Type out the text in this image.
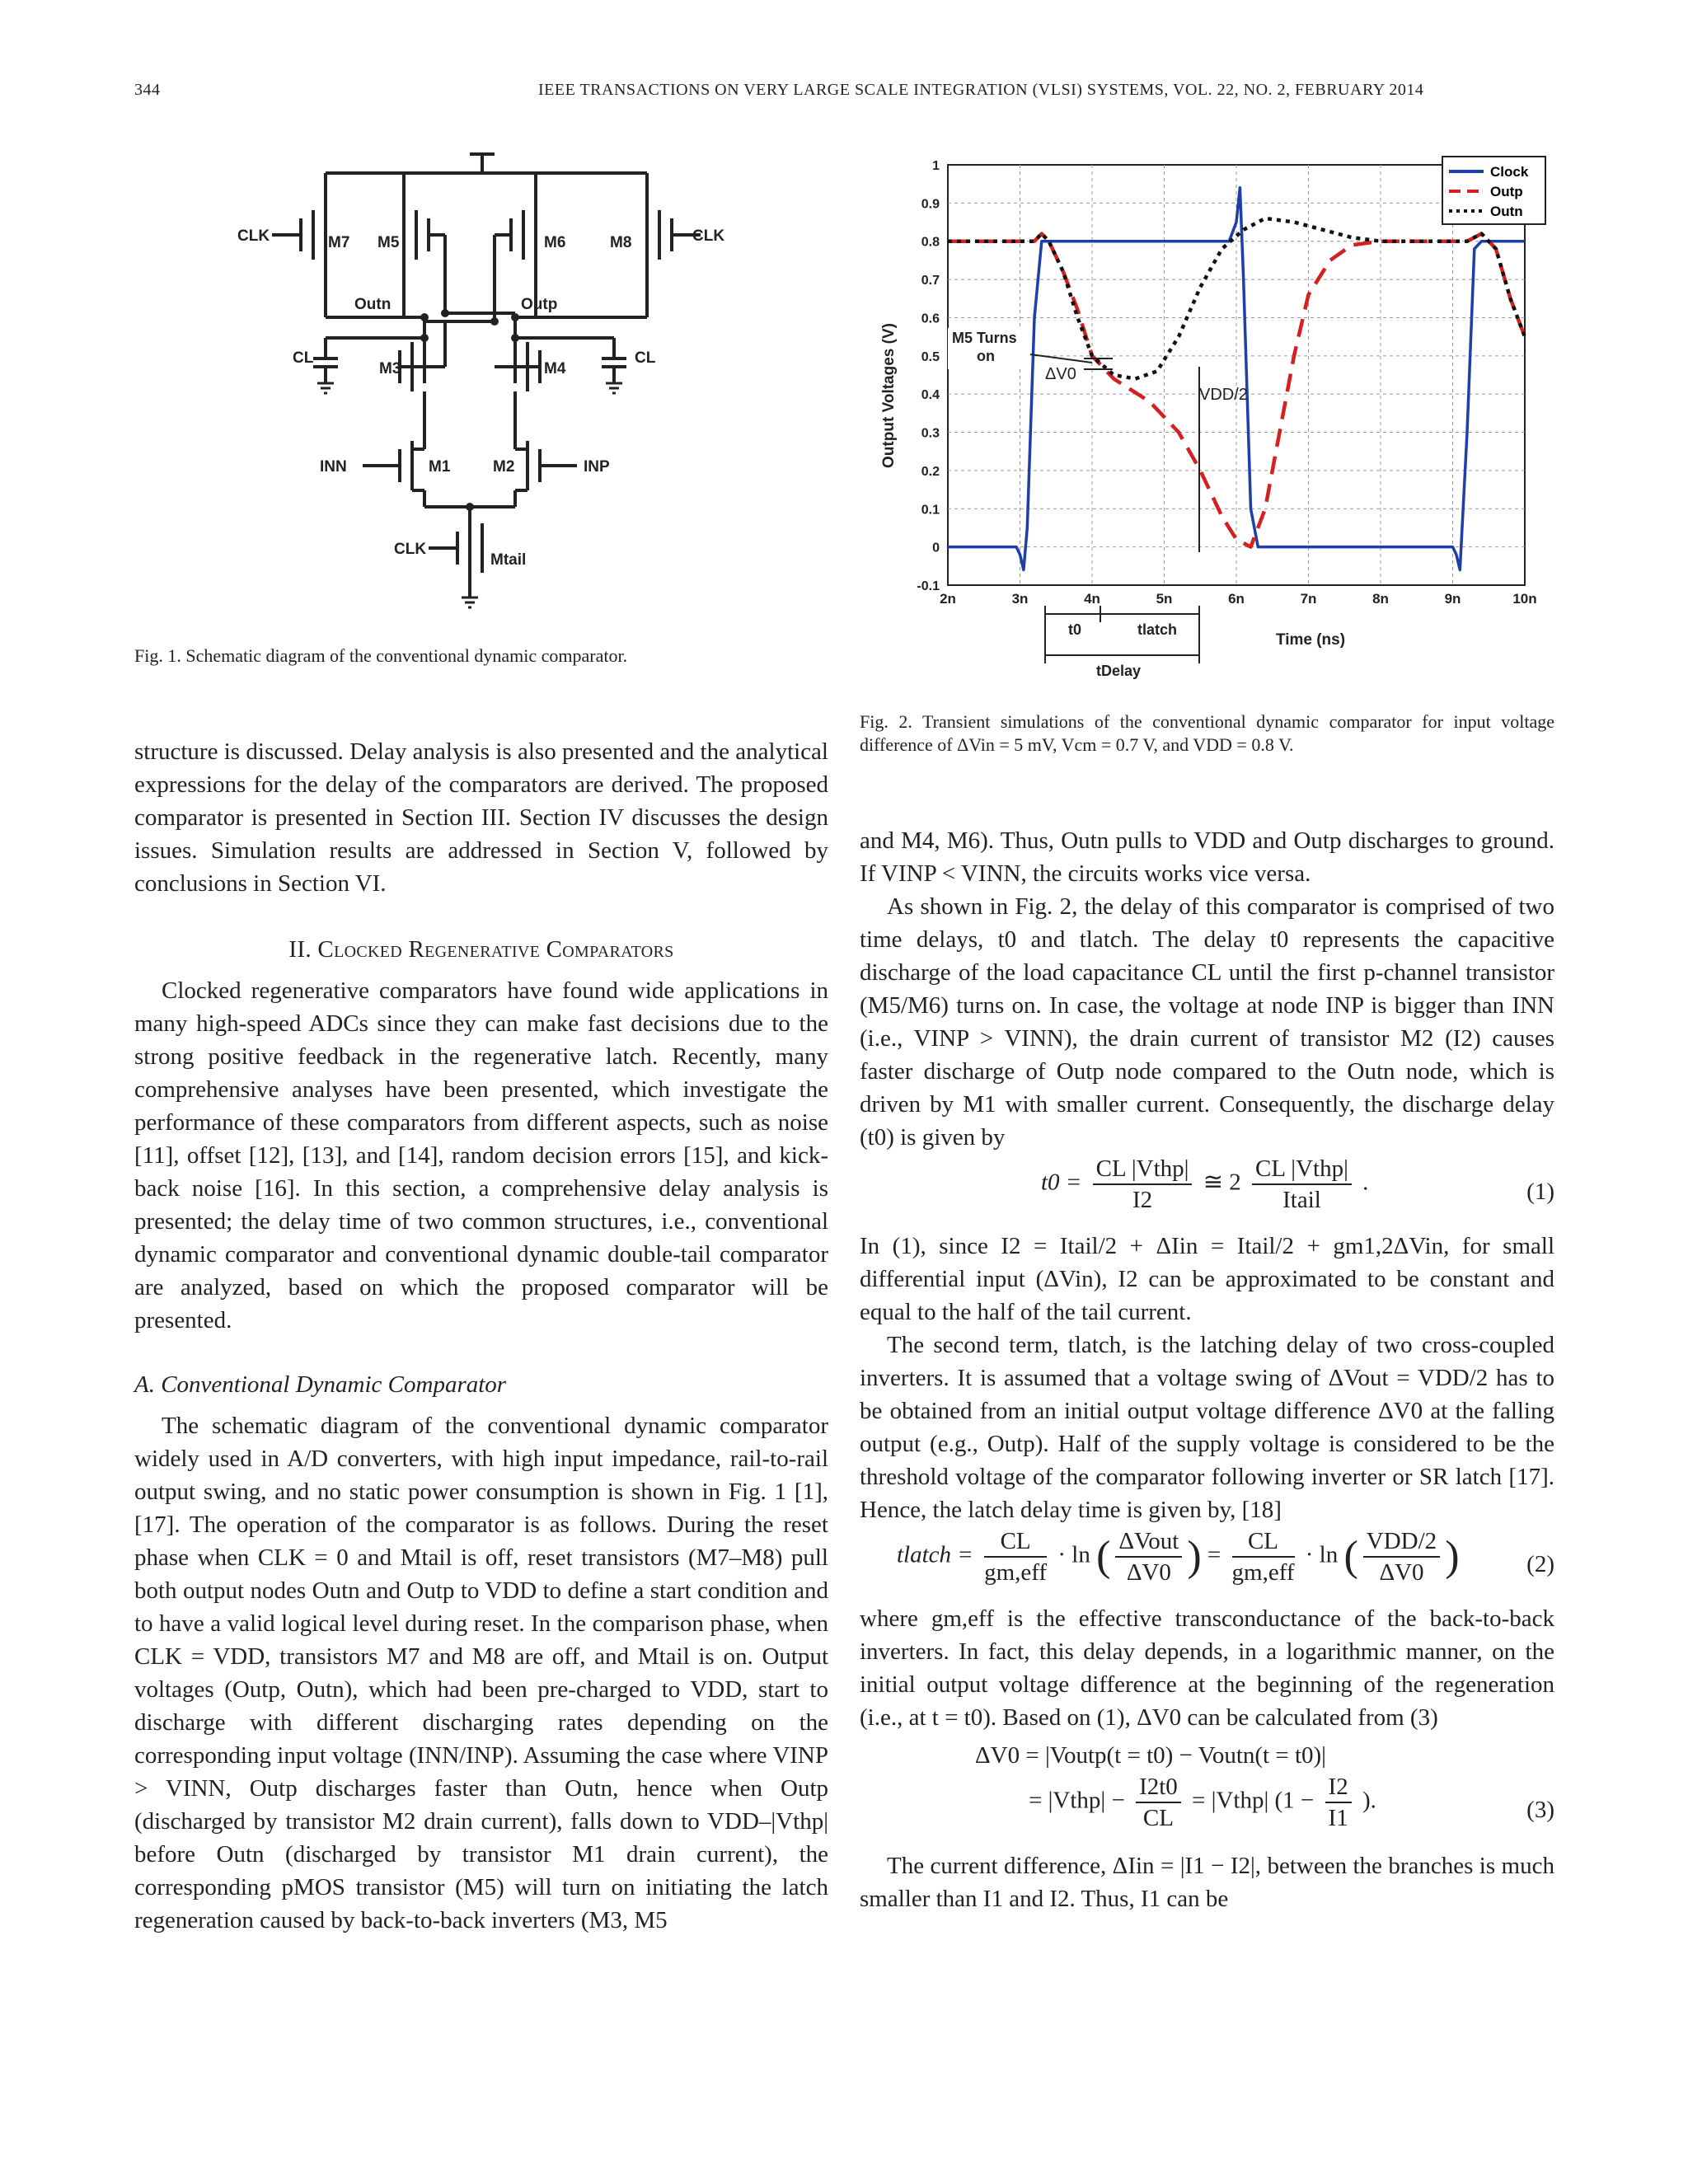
344	IEEE TRANSACTIONS ON VERY LARGE SCALE INTEGRATION (VLSI) SYSTEMS, VOL. 22, NO. 2, FEBRUARY 2014
CLK	M7 M5	M6	M8	CLK
Outn	Outp
CL
M3	M4
CL
INN	M1	M2	INP
CLK
Mtail
Fig. 1. Schematic diagram of the conventional dynamic comparator.
Output Voltages (V)
Time (ns)
2n	3n	4n	5n	6n	7n	8n	9n	10n
-0.1
0
0.1
0.2
0.3
0.4
0.5
0.6
0.7
0.8
0.9
1	Clock
Outp
Outn
M5 Turns
on
ΔV0
VDD/2
t0	tlatch
tDelay
Fig. 2. Transient simulations of the conventional dynamic comparator for input voltage difference of ΔVin = 5 mV, Vcm = 0.7 V, and VDD = 0.8 V.

structure is discussed. Delay analysis is also presented and the analytical expressions for the delay of the comparators are derived. The proposed comparator is presented in Section III. Section IV discusses the design issues. Simulation results are addressed in Section V, followed by conclusions in Section VI.

II. Clocked Regenerative Comparators

Clocked regenerative comparators have found wide applications in many high-speed ADCs since they can make fast decisions due to the strong positive feedback in the regenerative latch. Recently, many comprehensive analyses have been presented, which investigate the performance of these comparators from different aspects, such as noise [11], offset [12], [13], and [14], random decision errors [15], and kick-back noise [16]. In this section, a comprehensive delay analysis is presented; the delay time of two common structures, i.e., conventional dynamic comparator and conventional dynamic double-tail comparator are analyzed, based on which the proposed comparator will be presented.

A. Conventional Dynamic Comparator

The schematic diagram of the conventional dynamic comparator widely used in A/D converters, with high input impedance, rail-to-rail output swing, and no static power consumption is shown in Fig. 1 [1], [17]. The operation of the comparator is as follows. During the reset phase when CLK = 0 and Mtail is off, reset transistors (M7–M8) pull both output nodes Outn and Outp to VDD to define a start condition and to have a valid logical level during reset. In the comparison phase, when CLK = VDD, transistors M7 and M8 are off, and Mtail is on. Output voltages (Outp, Outn), which had been pre-charged to VDD, start to discharge with different discharging rates depending on the corresponding input voltage (INN/INP). Assuming the case where VINP > VINN, Outp discharges faster than Outn, hence when Outp (discharged by transistor M2 drain current), falls down to VDD–|Vthp| before Outn (discharged by transistor M1 drain current), the corresponding pMOS transistor (M5) will turn on initiating the latch regeneration caused by back-to-back inverters (M3, M5

and M4, M6). Thus, Outn pulls to VDD and Outp discharges to ground. If VINP < VINN, the circuits works vice versa.

As shown in Fig. 2, the delay of this comparator is comprised of two time delays, t0 and tlatch. The delay t0 represents the capacitive discharge of the load capacitance CL until the first p-channel transistor (M5/M6) turns on. In case, the voltage at node INP is bigger than INN (i.e., VINP > VINN), the drain current of transistor M2 (I2) causes faster discharge of Outp node compared to the Outn node, which is driven by M1 with smaller current. Consequently, the discharge delay (t0) is given by

t0 =
CL |Vthp|
I2
≅ 2
CL |Vthp|
Itail
.	(1)

In (1), since I2 = Itail/2 + ΔIin = Itail/2 + gm1,2ΔVin, for small differential input (ΔVin), I2 can be approximated to be constant and equal to the half of the tail current.

The second term, tlatch, is the latching delay of two cross-coupled inverters. It is assumed that a voltage swing of ΔVout = VDD/2 has to be obtained from an initial output voltage difference ΔV0 at the falling output (e.g., Outp). Half of the supply voltage is considered to be the threshold voltage of the comparator following inverter or SR latch [17]. Hence, the latch delay time is given by, [18]

tlatch =
CL
gm,eff
· ln ( ΔVout
ΔV0 ) =
CL
gm,eff
· ln ( VDD/2
ΔV0 )	(2)

where gm,eff is the effective transconductance of the back-to-back inverters. In fact, this delay depends, in a logarithmic manner, on the initial output voltage difference at the beginning of the regeneration (i.e., at t = t0). Based on (1), ΔV0 can be calculated from (3)

ΔV0 = |Voutp(t = t0) − Voutn(t = t0)|
= |Vthp| − $\frac{I2t0}{CL}$ = |Vthp| ($1 - \frac{I2}{I1}$ ).	(3)

The current difference, ΔIin = |I1 − I2|, between the branches is much smaller than I1 and I2. Thus, I1 can be
